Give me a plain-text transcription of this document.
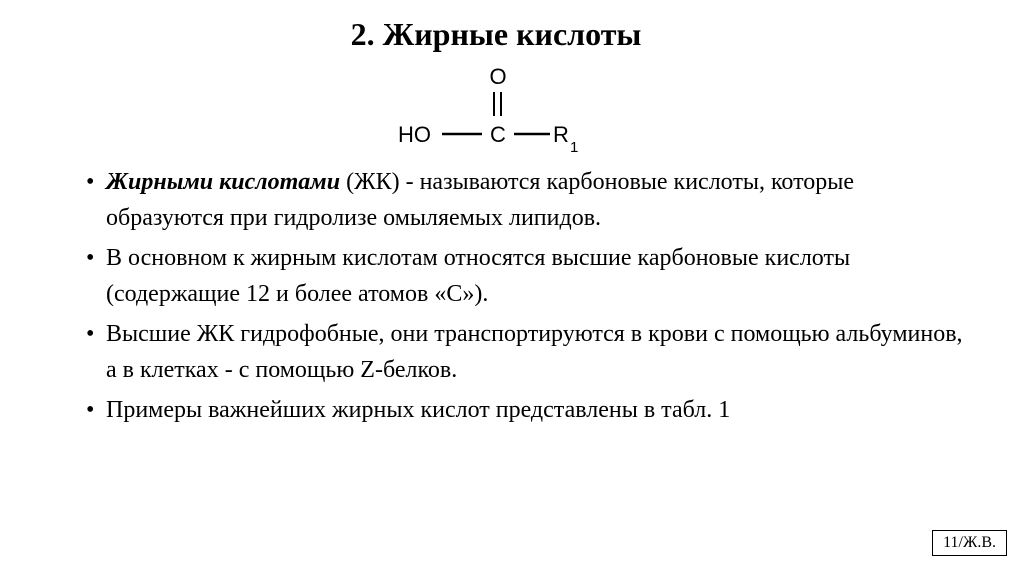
2. Жирные кислоты
O
HO	C R
1
• Жирными кислотами (ЖК) - называются карбоновые кислоты, которые образуются при гидролизе омыляемых липидов.
• В основном к жирным кислотам относятся высшие карбоновые кислоты (содержащие 12 и более атомов «С»).
• Высшие ЖК гидрофобные, они транспортируются в крови с помощью альбуминов, а в клетках - с помощью Z-белков.
• Примеры важнейших жирных кислот представлены в табл. 1
11/Ж.В.
